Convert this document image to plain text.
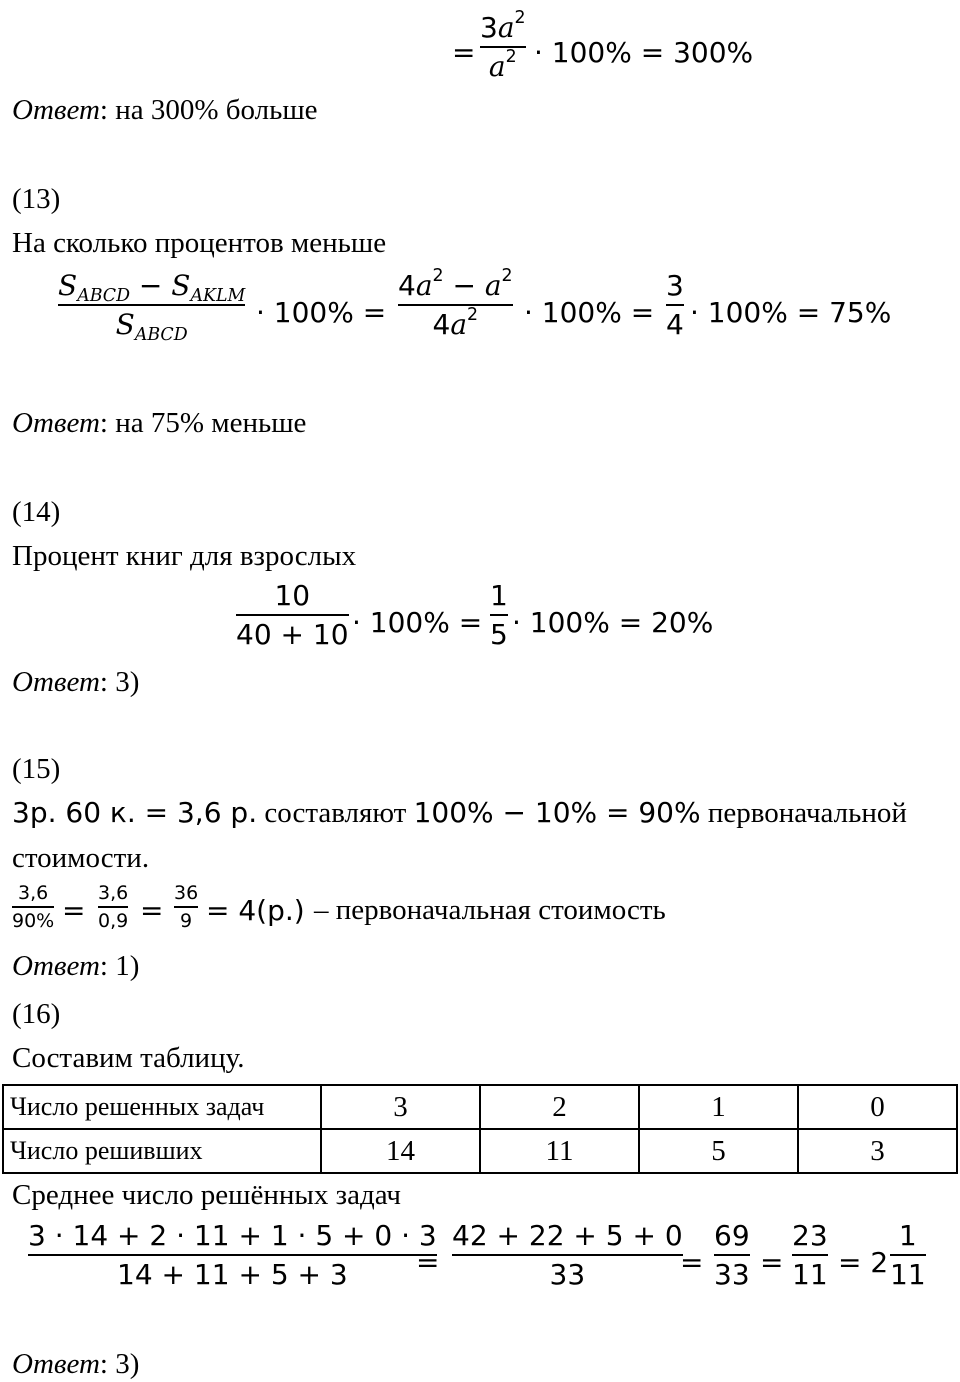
=
$3a^2$
$a^2 \cdot 100\% = 300\%$
Ответ: на 300% больше
(13)
На сколько процентов меньше
$S_{ABCD} - S_{AKLM}$
$S_{ABCD}$
· 100% =
$4a^2 - a^2$
$4a^2 \cdot 100\%$ =
3
4 · 100% = 75%
Ответ: на 75% меньше
(14)
Процент книг для взрослых
10
40 + 10 · 100% =
1
5 · 100% = 20%
Ответ: 3)
(15)
3р. 60 к. = 3,6 р. составляют 100% − 10% = 90% первоначальной
стоимости.
3,6
90% =
3,6
0,9 =
36
9 = 4(р.) – первоначальная стоимость
Ответ: 1)
(16)
Составим таблицу.
Число решенных задач	3	2	1	0
Число решивших	14	11	5	3
Среднее число решённых задач
3 · 14 + 2 · 11 + 1 · 5 + 0 · 3
14 + 11 + 5 + 3 =
42 + 22 + 5 + 0
33	=
69
33 =
23
11 = 2
1
11
Ответ: 3)
